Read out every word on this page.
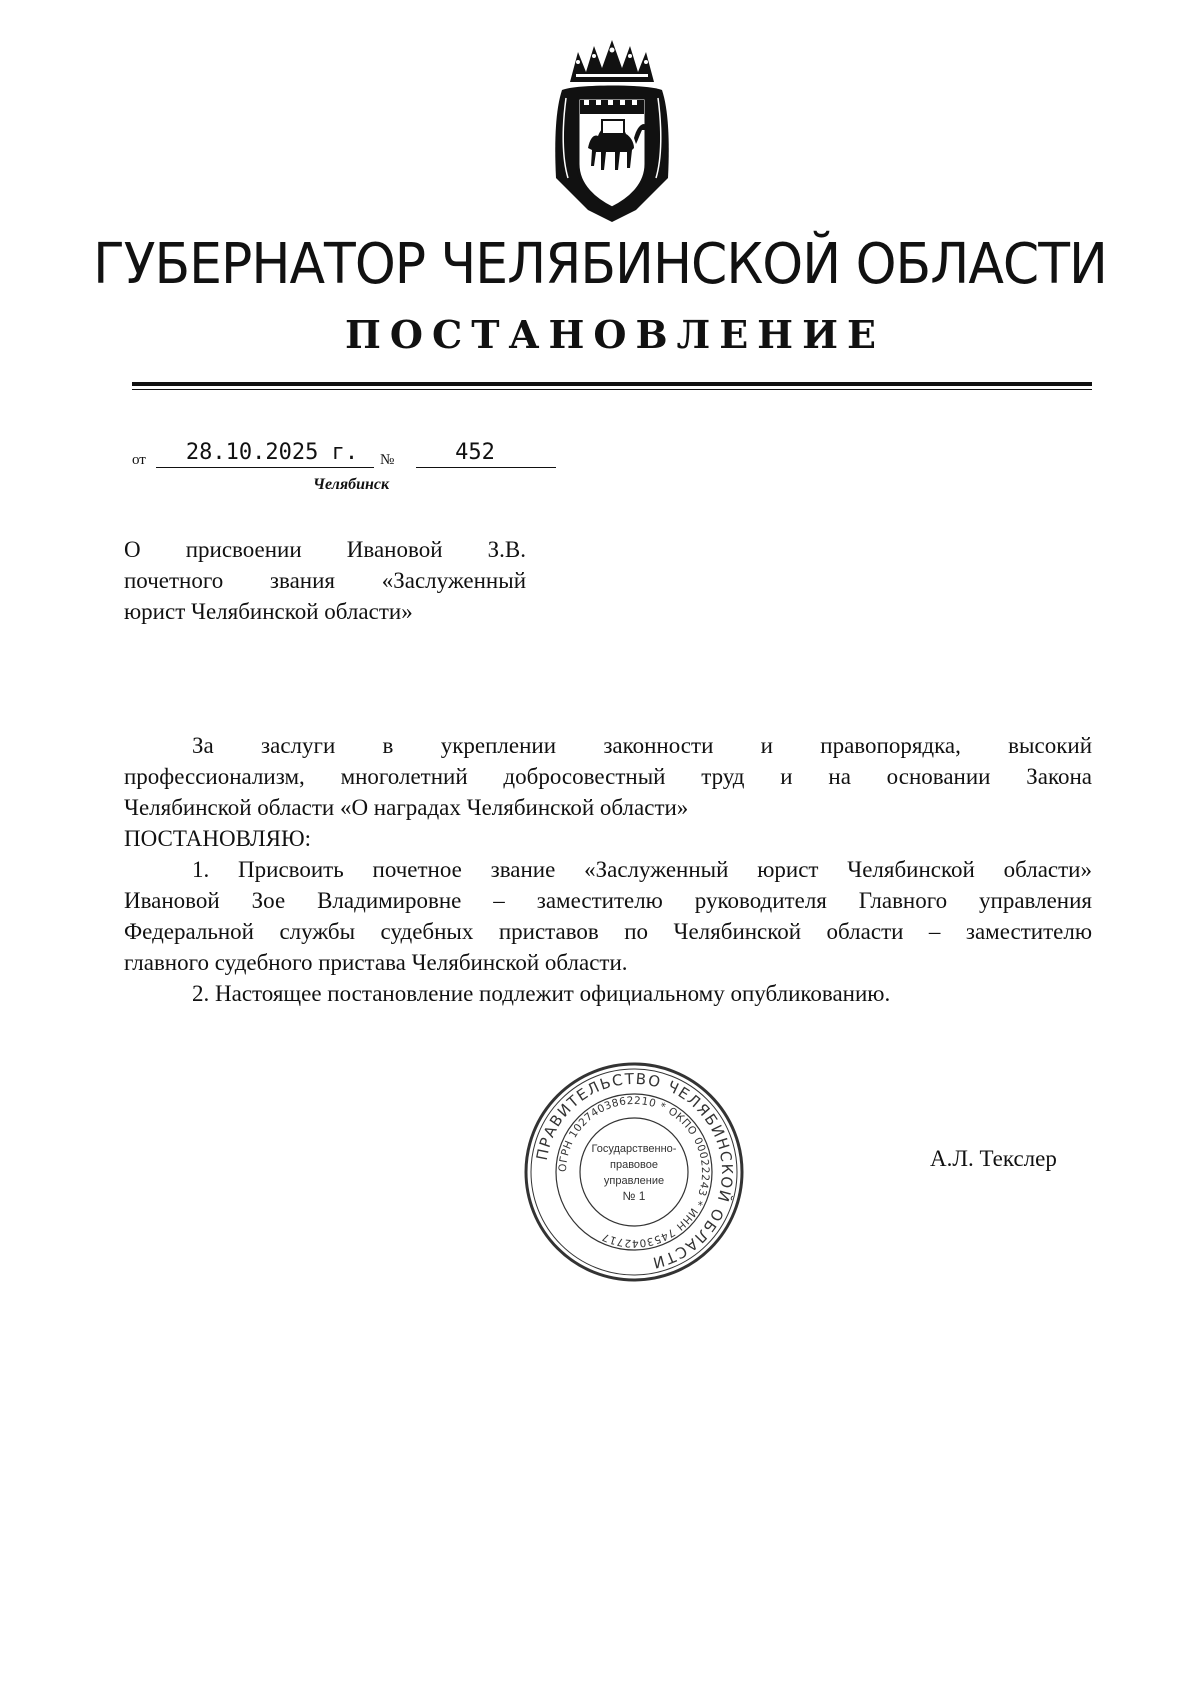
ГУБЕРНАТОР ЧЕЛЯБИНСКОЙ ОБЛАСТИ
ПОСТАНОВЛЕНИЕ
от	28.10.2025 г.	№	452
Челябинск
О присвоении Ивановой З.В.
почетного звания «Заслуженный
юрист Челябинской области»
За заслуги в укреплении законности и правопорядка, высокий
профессионализм, многолетний добросовестный труд и на основании Закона
Челябинской области «О наградах Челябинской области»
ПОСТАНОВЛЯЮ:
1. Присвоить почетное звание «Заслуженный юрист Челябинской области»
Ивановой Зое Владимировне – заместителю руководителя Главного управления
Федеральной службы судебных приставов по Челябинской области – заместителю
главного судебного пристава Челябинской области.
2. Настоящее постановление подлежит официальному опубликованию.
ПРАВИТЕЛЬСТВО ЧЕЛЯБИНСКОЙ ОБЛАСТИ
ОГРН 1027403862210 * ОКПО 00022243 * ИНН 7453042717
Государственно-
правовое
управление
№ 1
А.Л. Текслер
